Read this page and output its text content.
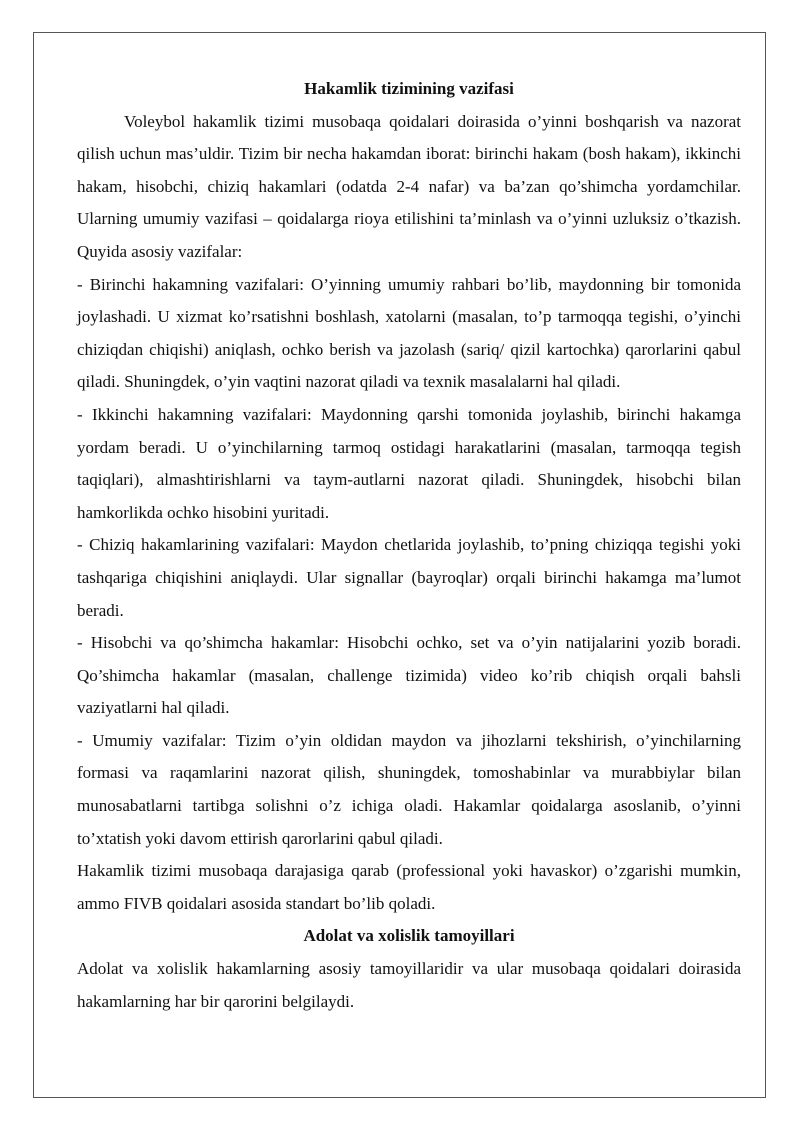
Hakamlik tizimining vazifasi

Voleybol hakamlik tizimi musobaqa qoidalari doirasida o’yinni boshqarish va nazorat qilish uchun mas’uldir. Tizim bir necha hakamdan iborat: birinchi hakam (bosh hakam), ikkinchi hakam, hisobchi, chiziq hakamlari (odatda 2-4 nafar) va ba’zan qo’shimcha yordamchilar. Ularning umumiy vazifasi – qoidalarga rioya etilishini ta’minlash va o’yinni uzluksiz o’tkazish. Quyida asosiy vazifalar:

- Birinchi hakamning vazifalari: O’yinning umumiy rahbari bo’lib, maydonning bir tomonida joylashadi. U xizmat ko’rsatishni boshlash, xatolarni (masalan, to’p tarmoqqa tegishi, o’yinchi chiziqdan chiqishi) aniqlash, ochko berish va jazolash (sariq/ qizil kartochka) qarorlarini qabul qiladi. Shuningdek, o’yin vaqtini nazorat qiladi va texnik masalalarni hal qiladi.

- Ikkinchi hakamning vazifalari: Maydonning qarshi tomonida joylashib, birinchi hakamga yordam beradi. U o’yinchilarning tarmoq ostidagi harakatlarini (masalan, tarmoqqa tegish taqiqlari), almashtirishlarni va taym-autlarni nazorat qiladi. Shuningdek, hisobchi bilan hamkorlikda ochko hisobini yuritadi.

- Chiziq hakamlarining vazifalari: Maydon chetlarida joylashib, to’pning chiziqqa tegishi yoki tashqariga chiqishini aniqlaydi. Ular signallar (bayroqlar) orqali birinchi hakamga ma’lumot beradi.

- Hisobchi va qo’shimcha hakamlar: Hisobchi ochko, set va o’yin natijalarini yozib boradi. Qo’shimcha hakamlar (masalan, challenge tizimida) video ko’rib chiqish orqali bahsli vaziyatlarni hal qiladi.

- Umumiy vazifalar: Tizim o’yin oldidan maydon va jihozlarni tekshirish, o’yinchilarning formasi va raqamlarini nazorat qilish, shuningdek, tomoshabinlar va murabbiylar bilan munosabatlarni tartibga solishni o’z ichiga oladi. Hakamlar qoidalarga asoslanib, o’yinni to’xtatish yoki davom ettirish qarorlarini qabul qiladi.

Hakamlik tizimi musobaqa darajasiga qarab (professional yoki havaskor) o’zgarishi mumkin, ammo FIVB qoidalari asosida standart bo’lib qoladi.

Adolat va xolislik tamoyillari

Adolat va xolislik hakamlarning asosiy tamoyillaridir va ular musobaqa qoidalari doirasida hakamlarning har bir qarorini belgilaydi.
